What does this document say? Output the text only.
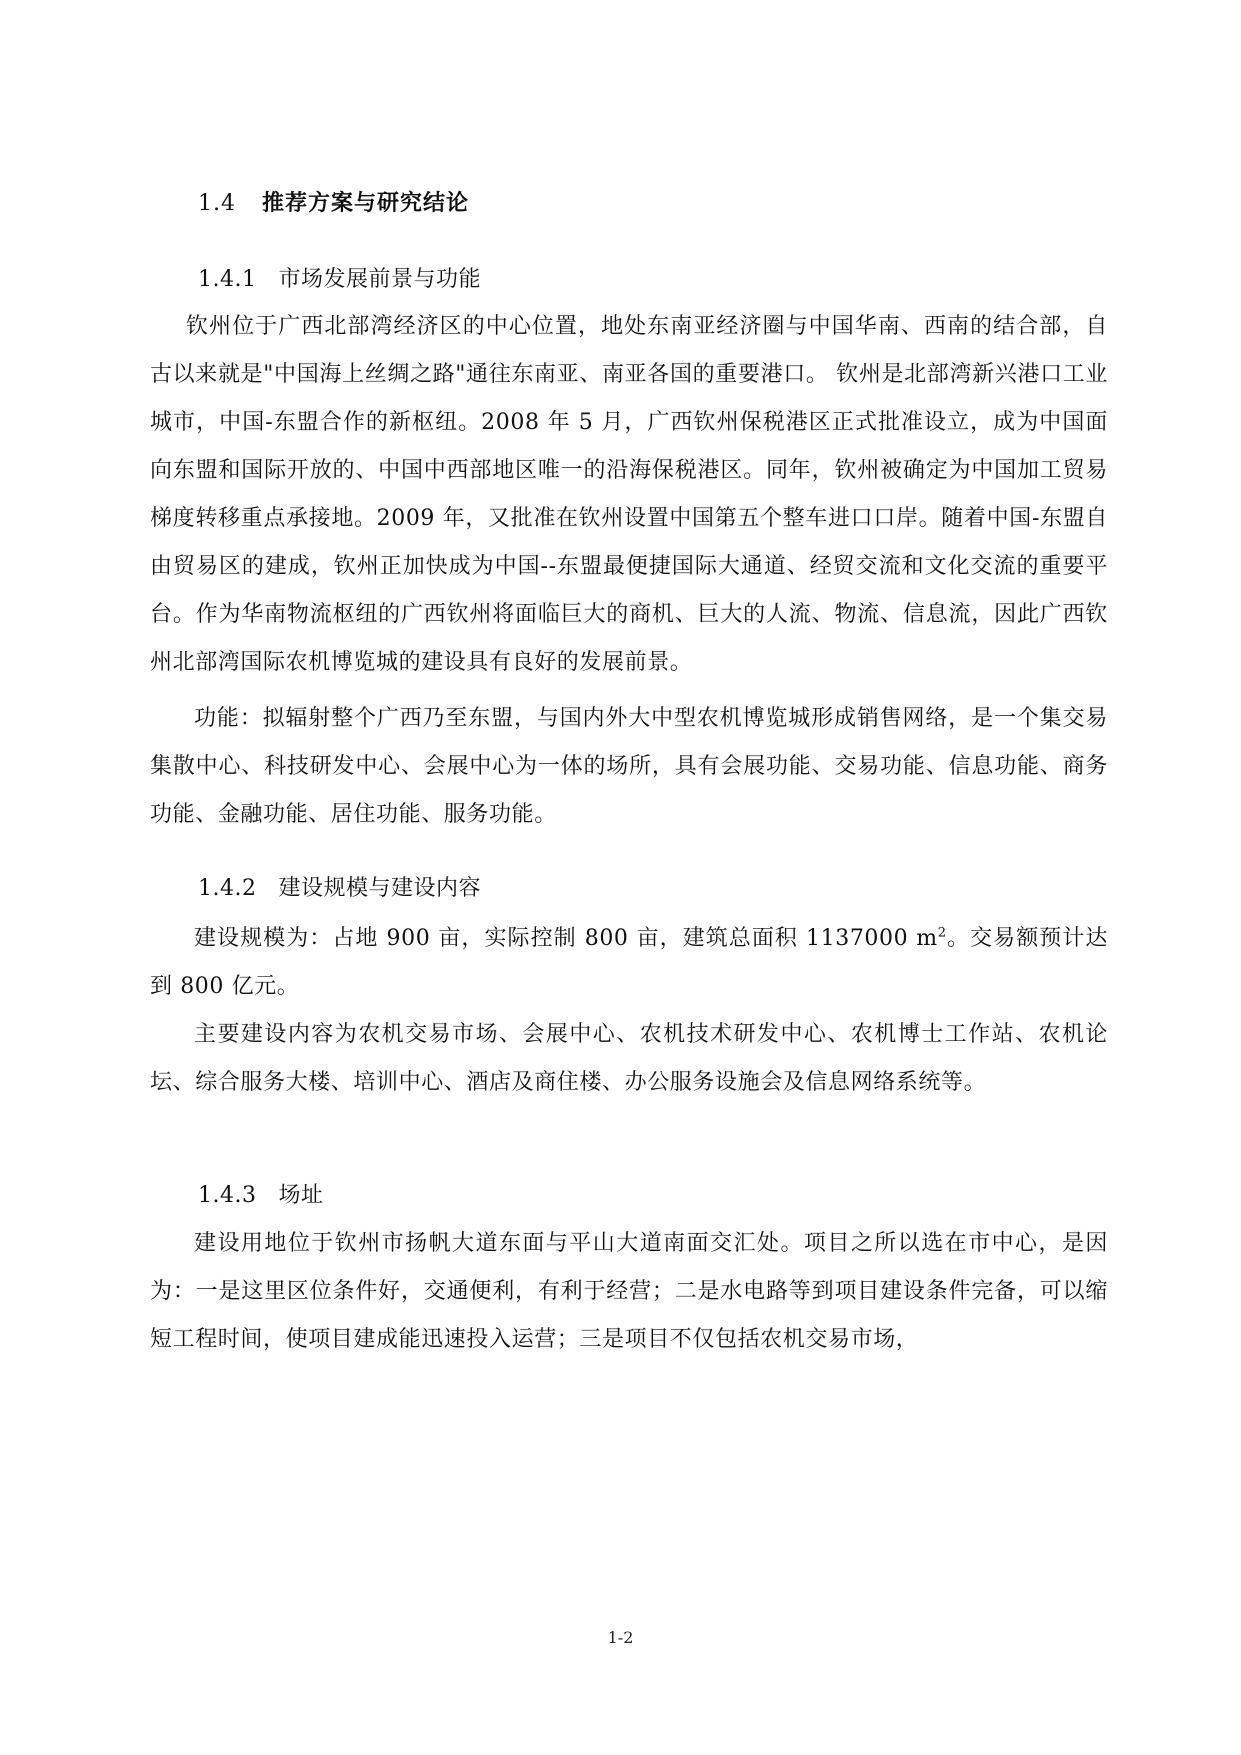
1.4 推荐方案与研究结论
1.4.1 市场发展前景与功能

钦州位于广西北部湾经济区的中心位置，地处东南亚经济圈与中国华南、西南的结合部，自古以来就是"中国海上丝绸之路"通往东南亚、南亚各国的重要港口。 钦州是北部湾新兴港口工业城市，中国-东盟合作的新枢纽。2008 年 5 月，广西钦州保税港区正式批准设立，成为中国面向东盟和国际开放的、中国中西部地区唯一的沿海保税港区。同年，钦州被确定为中国加工贸易梯度转移重点承接地。2009 年，又批准在钦州设置中国第五个整车进口口岸。随着中国-东盟自由贸易区的建成，钦州正加快成为中国--东盟最便捷国际大通道、经贸交流和文化交流的重要平台。作为华南物流枢纽的广西钦州将面临巨大的商机、巨大的人流、物流、信息流，因此广西钦州北部湾国际农机博览城的建设具有良好的发展前景。

功能：拟辐射整个广西乃至东盟，与国内外大中型农机博览城形成销售网络，是一个集交易集散中心、科技研发中心、会展中心为一体的场所，具有会展功能、交易功能、信息功能、商务功能、金融功能、居住功能、服务功能。

1.4.2 建设规模与建设内容

建设规模为：占地 900 亩，实际控制 800 亩，建筑总面积 1137000 $m^2$。交易额预计达到 800 亿元。

主要建设内容为农机交易市场、会展中心、农机技术研发中心、农机博士工作站、农机论坛、综合服务大楼、培训中心、酒店及商住楼、办公服务设施会及信息网络系统等。

1.4.3 场址

建设用地位于钦州市扬帆大道东面与平山大道南面交汇处。项目之所以选在市中心，是因为：一是这里区位条件好，交通便利，有利于经营；二是水电路等到项目建设条件完备，可以缩短工程时间，使项目建成能迅速投入运营；三是项目不仅包括农机交易市场，

1-2
